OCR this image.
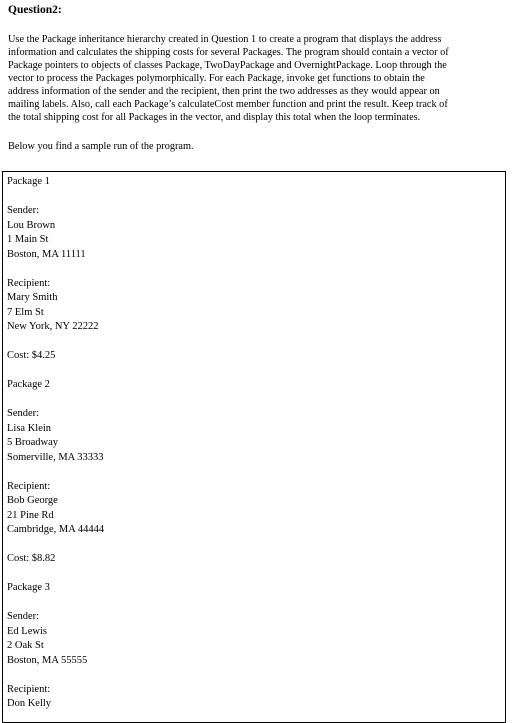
Question2:
Use the Package inheritance hierarchy created in Question 1 to create a program that displays the address
information and calculates the shipping costs for several Packages. The program should contain a vector of
Package pointers to objects of classes Package, TwoDayPackage and OvernightPackage. Loop through the
vector to process the Packages polymorphically. For each Package, invoke get functions to obtain the
address information of the sender and the recipient, then print the two addresses as they would appear on
mailing labels. Also, call each Package’s calculateCost member function and print the result. Keep track of
the total shipping cost for all Packages in the vector, and display this total when the loop terminates.
Below you find a sample run of the program.
Package 1
Sender:
Lou Brown
1 Main St
Boston, MA 11111
Recipient:
Mary Smith
7 Elm St
New York, NY 22222
Cost: $4.25
Package 2
Sender:
Lisa Klein
5 Broadway
Somerville, MA 33333
Recipient:
Bob George
21 Pine Rd
Cambridge, MA 44444
Cost: $8.82
Package 3
Sender:
Ed Lewis
2 Oak St
Boston, MA 55555
Recipient:
Don Kelly
